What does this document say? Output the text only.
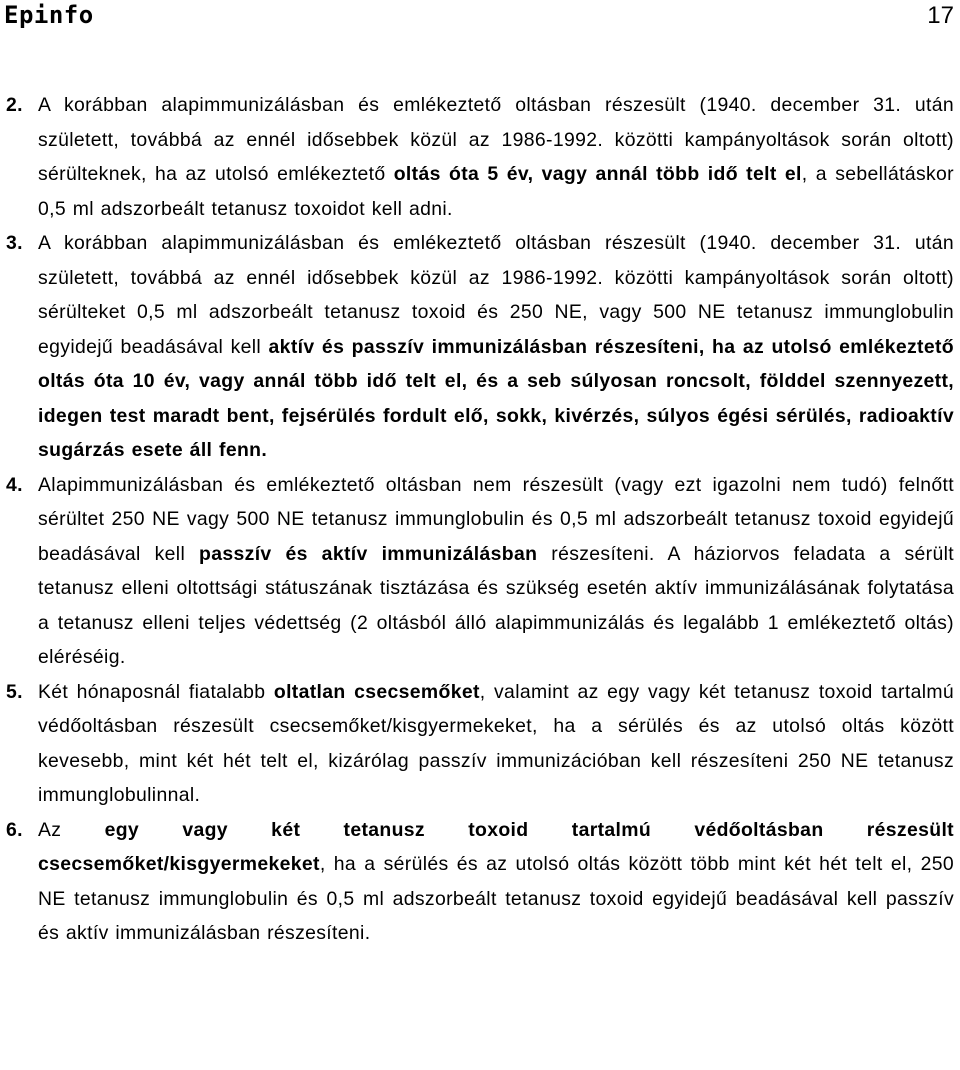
Epinfo	17
2. A korábban alapimmunizálásban és emlékeztető oltásban részesült (1940. december 31. után született, továbbá az ennél idősebbek közül az 1986-1992. közötti kampányoltások során oltott) sérülteknek, ha az utolsó emlékeztető oltás óta 5 év, vagy annál több idő telt el, a sebellátáskor 0,5 ml adszorbeált tetanusz toxoidot kell adni.
3. A korábban alapimmunizálásban és emlékeztető oltásban részesült (1940. december 31. után született, továbbá az ennél idősebbek közül az 1986-1992. közötti kampányoltások során oltott) sérülteket 0,5 ml adszorbeált tetanusz toxoid és 250 NE, vagy 500 NE tetanusz immunglobulin egyidejű beadásával kell aktív és passzív immunizálásban részesíteni, ha az utolsó emlékeztető oltás óta 10 év, vagy annál több idő telt el, és a seb súlyosan roncsolt, földdel szennyezett, idegen test maradt bent, fejsérülés fordult elő, sokk, kivérzés, súlyos égési sérülés, radioaktív sugárzás esete áll fenn.
4. Alapimmunizálásban és emlékeztető oltásban nem részesült (vagy ezt igazolni nem tudó) felnőtt sérültet 250 NE vagy 500 NE tetanusz immunglobulin és 0,5 ml adszorbeált tetanusz toxoid egyidejű beadásával kell passzív és aktív immunizálásban részesíteni. A háziorvos feladata a sérült tetanusz elleni oltottsági státuszának tisztázása és szükség esetén aktív immunizálásának folytatása a tetanusz elleni teljes védettség (2 oltásból álló alapimmunizálás és legalább 1 emlékeztető oltás) eléréséig.
5. Két hónaposnál fiatalabb oltatlan csecsemőket, valamint az egy vagy két tetanusz toxoid tartalmú védőoltásban részesült csecsemőket/kisgyermekeket, ha a sérülés és az utolsó oltás között kevesebb, mint két hét telt el, kizárólag passzív immunizációban kell részesíteni 250 NE tetanusz immunglobulinnal.
6. Az egy vagy két tetanusz toxoid tartalmú védőoltásban részesült csecsemőket/kisgyermekeket, ha a sérülés és az utolsó oltás között több mint két hét telt el, 250 NE tetanusz immunglobulin és 0,5 ml adszorbeált tetanusz toxoid egyidejű beadásával kell passzív és aktív immunizálásban részesíteni.
